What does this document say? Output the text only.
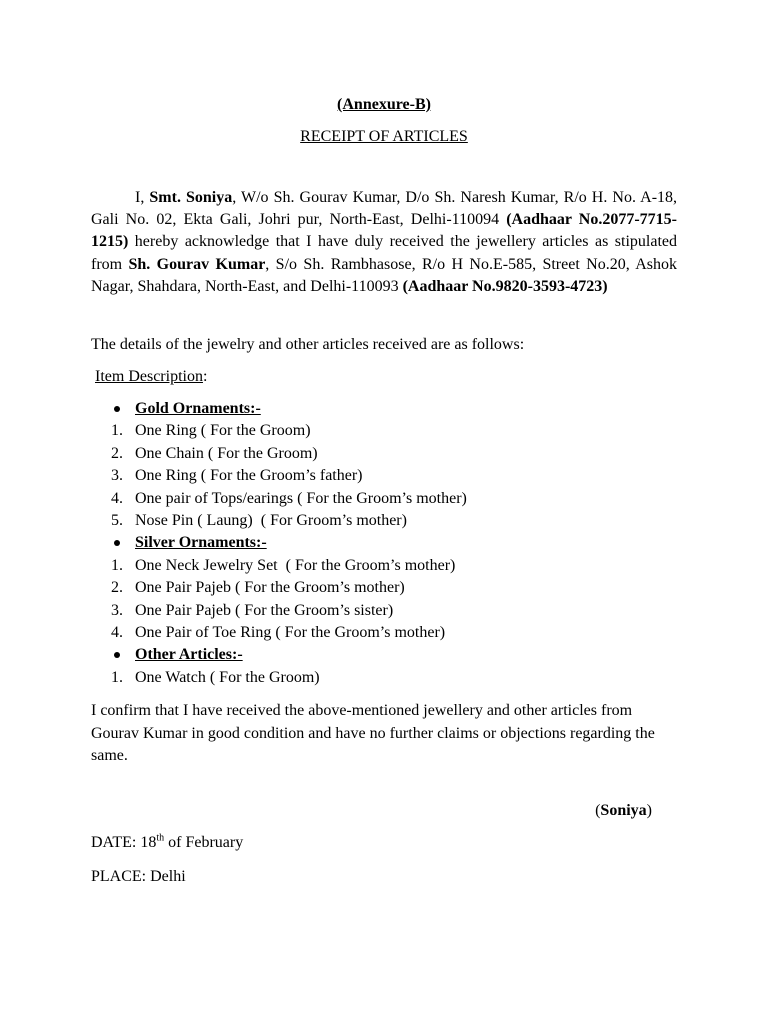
(Annexure-B)
RECEIPT OF ARTICLES
I, Smt. Soniya, W/o Sh. Gourav Kumar, D/o Sh. Naresh Kumar, R/o H. No. A-18, Gali No. 02, Ekta Gali, Johri pur, North-East, Delhi-110094 (Aadhaar No.2077-7715-1215) hereby acknowledge that I have duly received the jewellery articles as stipulated from Sh. Gourav Kumar, S/o Sh. Rambhasose, R/o H No.E-585, Street No.20, Ashok Nagar, Shahdara, North-East, and Delhi-110093 (Aadhaar No.9820-3593-4723)
The details of the jewelry and other articles received are as follows:
Item Description:
Gold Ornaments:-
1. One Ring ( For the Groom)
2. One Chain ( For the Groom)
3. One Ring ( For the Groom’s father)
4. One pair of Tops/earings ( For the Groom’s mother)
5. Nose Pin ( Laung)  ( For Groom’s mother)
Silver Ornaments:-
1. One Neck Jewelry Set  ( For the Groom’s mother)
2. One Pair Pajeb ( For the Groom’s mother)
3. One Pair Pajeb ( For the Groom’s sister)
4. One Pair of Toe Ring ( For the Groom’s mother)
Other Articles:-
1. One Watch ( For the Groom)
I confirm that I have received the above-mentioned jewellery and other articles from Gourav Kumar in good condition and have no further claims or objections regarding the same.
(Soniya)
DATE: 18th of February
PLACE: Delhi
